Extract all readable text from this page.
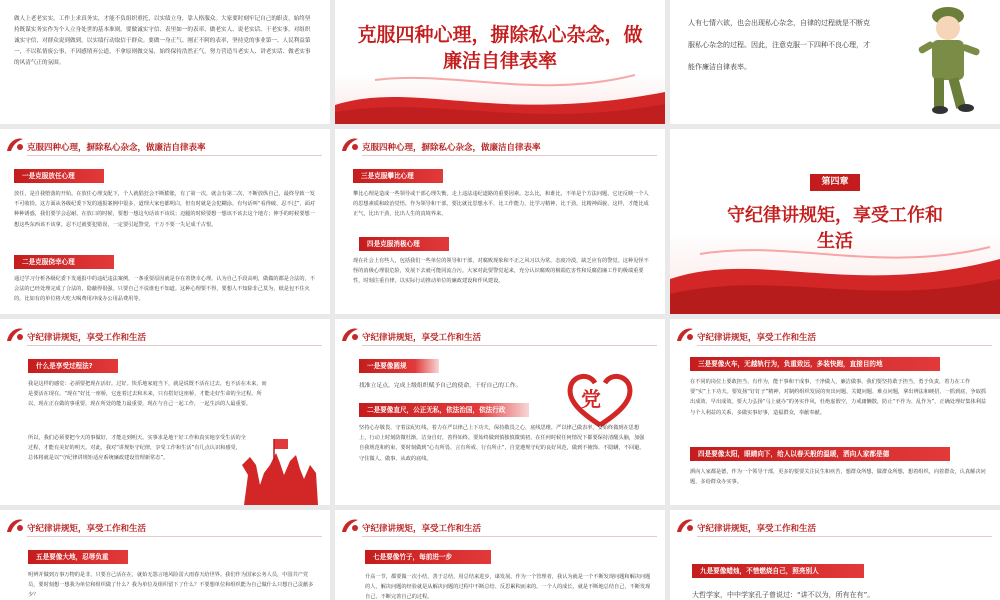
做人上老老实实，工作上求真务实，才能不负组织重托，以实绩立身，靠人格服众。大家要时刻牢记自己的职责，始终坚持既谋实务实作为个人立身处世的基本准则。要做诚实守信、表里如一的表率，做老实人、说老实话、干老实事。对组织诚实守信，对群众说到做到，以实绩行动取信于群众。要做一身正气、刚正不阿的表率，坚持党的事业第一、人民利益第一，不以私情废公事，不因感情弃公道，不拿原则做交易，始终保持浩然正气。努力营造当老实人、讲老实话、做老实事的风清气正的氛围。
克服四种心理，摒除私心杂念，做廉洁自律表率
人有七情六欲，也会出现私心杂念，自律的过程就是不断克服私心杂念的过程。因此，注意克服一下四种不良心理，才能作廉洁自律表率。
克服四种心理，摒除私心杂念，做廉洁自律表率
一是克服放任心理
放任，是自我堕落的开始。在放任心理支配下，个人就猖狂会不断膨胀，有了第一次，就会有第二次，不断放纵自己，最终导致一发不可收拾。这方面从各级纪委下发的通报案例中很多，道理大家也都明白，但有时就是会犯糊涂。有句话叫“看得破、忍不过”，面对种种诱惑，我们要学会忍耐，在放口的时候，要想一想这句话该不该说；迈腿的时候要想一想该不该去这个地方；伸手的时候要想一想这些东西该不该拿。忍不过就要犯错误，一定要引起警觉，千万不要一失足成千古恨。
二是克服侥幸心理
通过学习分析各级纪委下发通报中的违纪违法案例，一条重要原因就是存在着侥幸心理。认为自己手段高明，做做的都是合法的，不会法的已经处理完成了合法的，隐蔽得很强。只要自己不说谁也不知道。这种心理要不得，要想人不知除非己莫为，纸是包不住火的。比如有的单位将大吃大喝费用冲成办公用品费用等。
克服四种心理，摒除私心杂念，做廉洁自律表率
三是克服攀比心理
攀比心理是造成一些领导或干部心理失衡，走上违法违纪道路的重要因素。怎么比，和谁比，不单是个方法问题，它还反映一个人的思想素质和政治觉悟。作为领导和干部，要比就比思想水平，比工作能力，比学习精神，比干劲，比精神面貌，这样，才能比成正气，比出干劲，比出人生的真境界来。
四是克服消极心理
现在社会上有些人，包括我们一些单位的领导和干部，对腐败现象和不正之风习以为常，态度冷漠，缺乏应有的警觉。这种见怪不怪的消极心理很危险，发展下去就可能同流合污。大家对此要警觉起来，充分认识腐败的极端危害性和反腐倡廉工作的极端重要性，时刻注重自律，以实际行动推动单位的廉政建设和作风建设。
第四章
守纪律讲规矩，享受工作和生活
守纪律讲规矩，享受工作和生活
什么是享受过程法?
我是这样的感觉：必须要把现在活好。过好。快乐地家庭当下，就是说既不活在过去，也不活在未来，而是要活在现在。“现在”好比一座桥，它连着过去和未来，只有搭好这座桥，才能走好生命的全过程。所以，现在正在做的事重要，现在所处的能力最重要，现在与自己一起工作，一起生活的人最重要。
所以，我们必须要把今天的事做好，才能走到明天。实事求是地干好工作和真实地享受生活的全过程，才能有美好的明天。对此，我对“讲规矩守纪律，享受工作和生活”有几点认识和感受，总体将就是以“守纪律讲规矩适应系统廉政建设管理新常态”。
守纪律讲规矩，享受工作和生活
一是要像圆规
找准立足点，完成上级组织赋予自己的使命，干好自己的工作。
党
二是要像直尺，公正无私，依法治国，依法行政
坚持心存敬畏、守着法纪红线，着力在严以律己上下功夫，保持敬畏之心，底线思维，严以律己做表率。要始终做到在思想上，行动上时刻防微杜渐，洁身自好，善得始终。要始终做到慎独慎微慎初，在任何时候任何情况下都要保持清醒头脑，加强自我规范和约束，要时刻做到“心有所畏、言有所戒、行有所止”，自觉遵规守纪的良好风范，做到不掩饰、不隐瞒，不回避。守住做人、做事、从政的底线。
守纪律讲规矩，享受工作和生活
三是要像火车，无越轨行为，负重致远，多装快跑，直接目的地
在不同的岗位上要敢担当、有作为，能干事和干成事，干净做人，廉洁做事。我们要坚持敢于担当，勇于负责，着力在工作要“实”上下功夫。要发扬“钉钉子”精神，对制约组织发展的突出问题、关键问题、难点问题，拿出辨法和硬招，一抓到底，争取抓出成效、早出成效。要大力弘扬“马上就办”的务实作风，杜绝虚假空，力戒庸懒散，防止“不作为、乱作为”，正确处理好集体利益与个人利益的关系，多做实事好事，造福群众，奉献奉献。
四是要像太阳，眼睛向下，给人以春天般的温暖，洒向人家都是德
洒向人家都是德，作为一个领导干部，更多的要要关注民生和疾苦，想群众所想，做群众所想，想着组织，向着群众，认真解决问题，多给群众办实事。
守纪律讲规矩，享受工作和生活
五是要像大地，忍辱负重
明辨并做到万事万物的是非，只要自己活在在，就始无怨言地风险雷大雨春天给世界。我们作为国家公务人员，中国共产党员，要时刻想一想我为单位和组织做了什么？我为单位及组织留下了什么？不要想单位和组织能为自己做什么只想自己贡献多少？
守纪律讲规矩，享受工作和生活
七是要像竹子，每前进一步
升高一节，都要做一次小结，善于总结，用总结来进步，谋发展。作为一个管理者，我认为就是一个不断发现问题和解决问题的人，解决问题的经验就是从解决问题的过程中不断总结、反思累积而来的。一个人的成长，就是不断地总结自己，不断发现自己，不断完善自己的过程。
守纪律讲规矩，享受工作和生活
九是要像蜡烛，不惜燃烧自己，照亮别人
大哲学家，中中学家孔子曾说过：“讲不以为，所有在有”。
